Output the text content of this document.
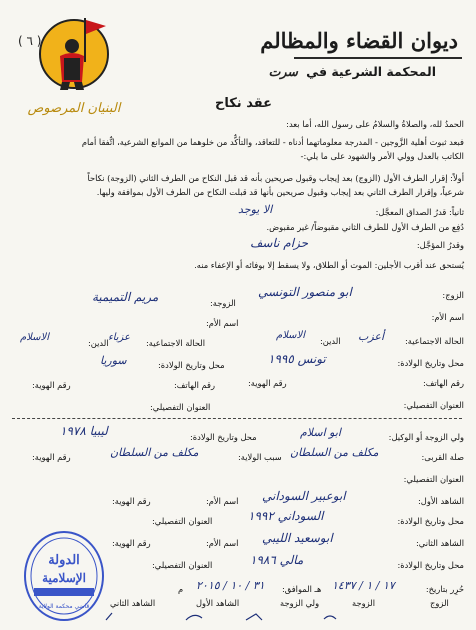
البنيان المرصوص
( ٦ )	ديوان القضاء والمظالم
المحكمة الشرعية في سرت
عقد نكاح
الحمدُ لله، والصلاةُ والسلامُ على رسول الله، أما بعد:
فبعد ثبوت أهلية الزَّوجين - المدرجة معلوماتهما أدناه - للتعاقد، والتأكُّد من خلوهما من الموانع الشرعية، اتُّفقا أمام
الكاتب بالعدل وولي الأمر والشهود على ما يلي:-
أولاً: إقرار الطرف الأول (الزوج) بعد إيجاب وقبول صريحين بأنه قد قبل النكاح من الطرف الثاني (الزوجة) نكاحاً
شرعياً، وإقرار الطرف الثاني بعد إيجاب وقبول صريحين بأنها قد قبلت النكاح من الطرف الأول بموافقة وليها.
ثانياً: قدرُ الصداق المعجَّل:
الا يوجد
دُفِع من الطرف الأول للطرف الثاني مقبوضاً/ غير مقبوض.
وقدرُ المؤجَّل:
حزام ناسف
يُستحق عند أقرب الأجلين: الموت أو الطلاق، ولا يسقط إلا بوفائه أو الإعفاء منه.
الزوج:
ابو منصور التونسي
اسم الأم:
الحالة الاجتماعية:
أعزب
الدين:
الاسلام
محل وتاريخ الولادة:
تونس ١٩٩٥
رقم الهاتف:
رقم الهوية:
العنوان التفصيلي:
الزوجة:
مريم التميمية
اسم الأم:
الحالة الاجتماعية:
عزباء
الدين:
الاسلام
محل وتاريخ الولادة:
سوريا
رقم الهاتف:
رقم الهوية:
العنوان التفصيلي:
ولي الزوجة أو الوكيل:
ابو اسلام
محل وتاريخ الولادة:
ليبيا ١٩٧٨
صلة القربى:
مكلف من السلطان
سبب الولاية:
مكلف من السلطان
رقم الهوية:
العنوان التفصيلي:
الشاهد الأول:
ابوعبير السوداني
اسم الأم:
رقم الهوية:
محل وتاريخ الولادة:
السوداني ١٩٩٢
العنوان التفصيلي:
الشاهد الثاني:
ابوسعيد الليبي
اسم الأم:
رقم الهوية:
محل وتاريخ الولادة:
مالي ١٩٨٦
العنوان التفصيلي:
حُرِر بتاريخ:
١٧ / ١ / ١٤٣٧
هـ الموافق:
٣١ / ١٠ / ٢٠١٥
م
الزوج
الزوجة
ولي الزوجة
الشاهد الأول
الشاهد الثاني
الدولة
الإسلامية
قاضي محكمة الولاية
